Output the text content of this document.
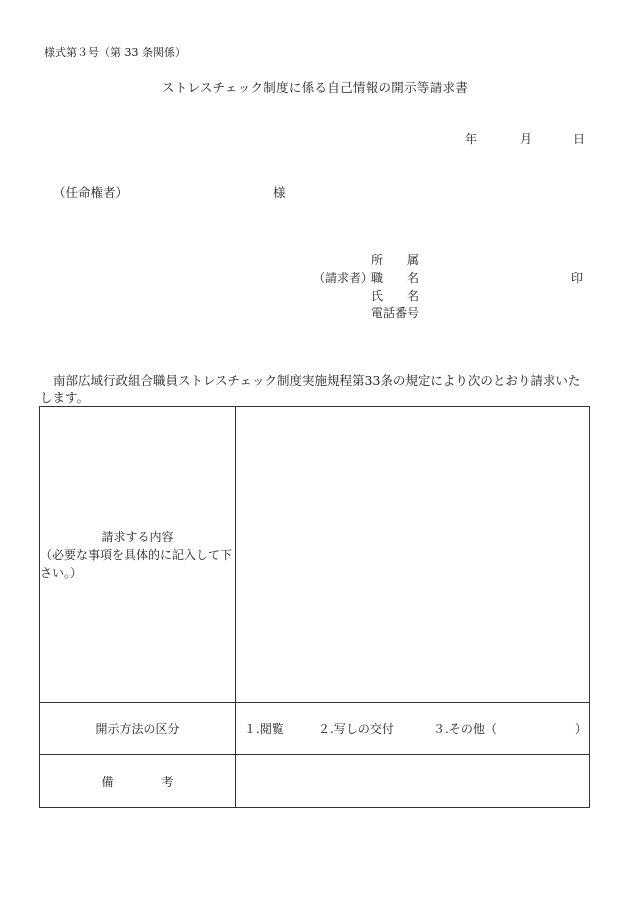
様式第３号（第 33 条関係）
ストレスチェック制度に係る自己情報の開示等請求書
年	月	日
（任命権者）	様
（請求者）
所　　属
職　　名
氏　　名
電話番号
印
南部広域行政組合職員ストレスチェック制度実施規程第33条の規定により次のとおり請求いたします。
請求する内容

（必要な事項を具体的に記入して下さい。）	

開示方法の区分	１.閲覧 ２.写しの交付 ３.その他（ ）
備　　　　考	
